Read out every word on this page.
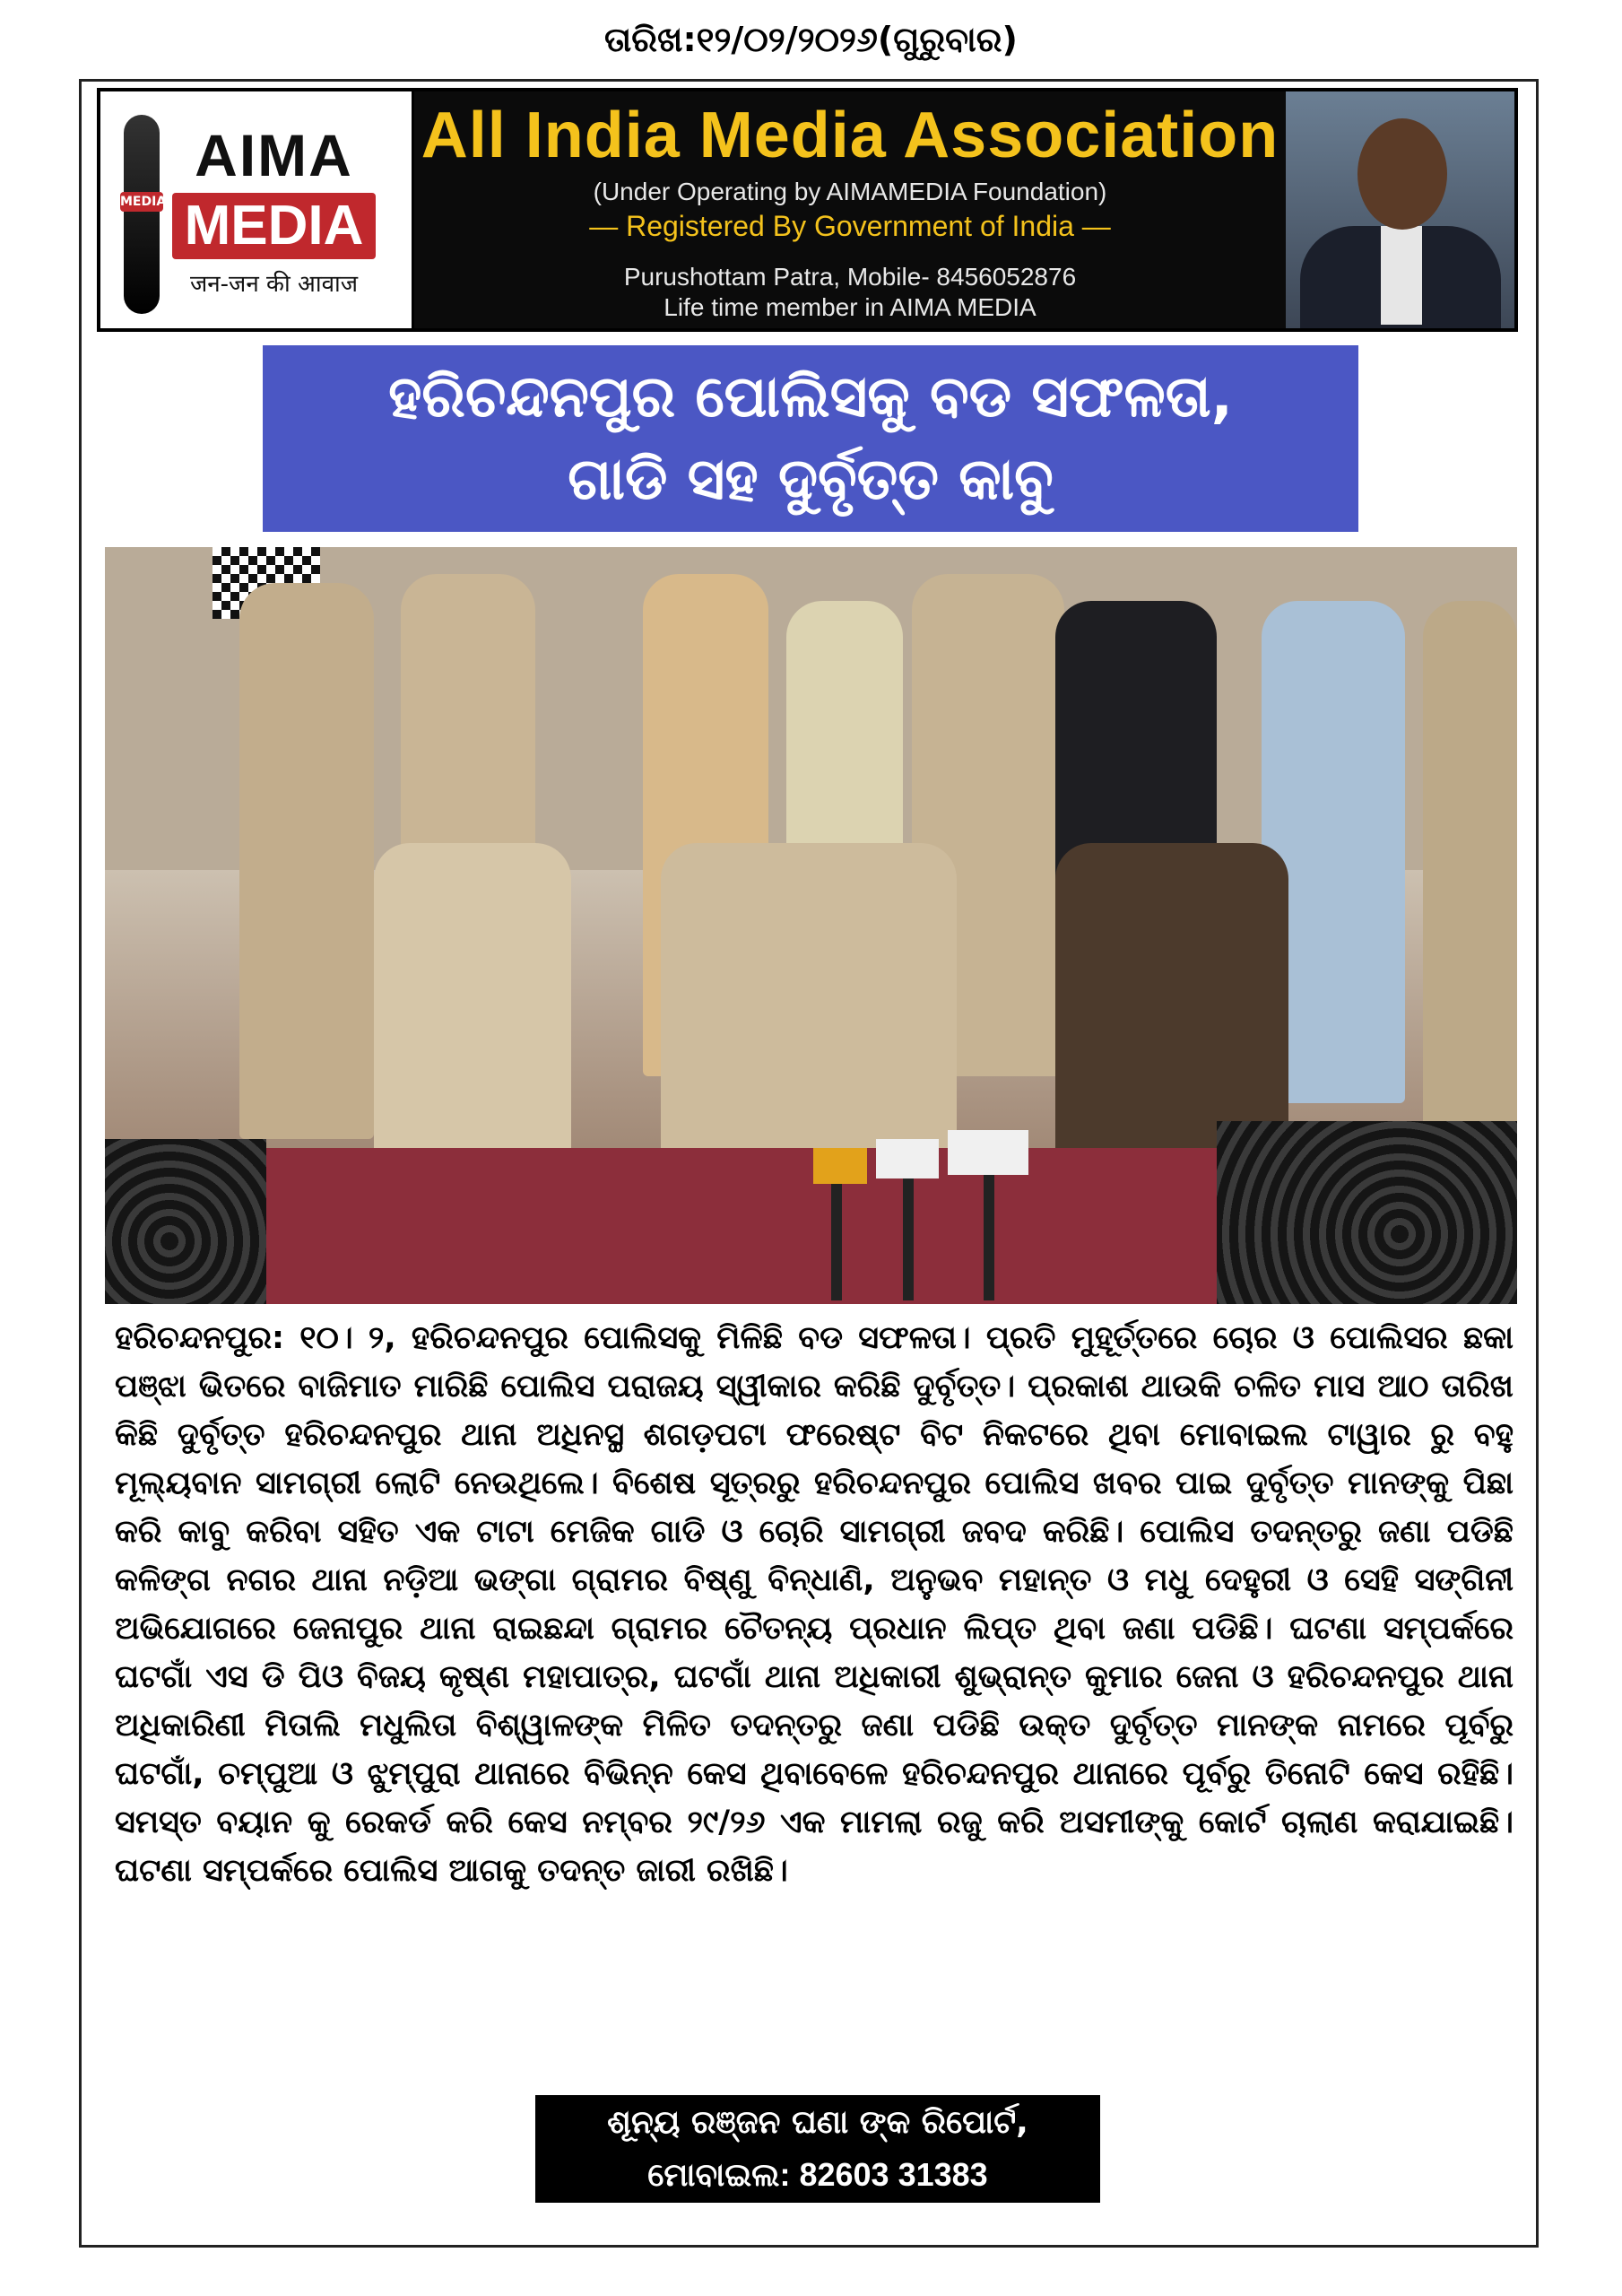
ତାରିଖ:୧୨/୦୨/୨୦୨୬(ଗୁରୁବାର)
MEDIA
AIMA
MEDIA
जन-जन की आवाज
All India Media Association
(Under Operating by AIMAMEDIA Foundation)
— Registered By Government of India —
Purushottam Patra, Mobile- 8456052876
Life time member in AIMA MEDIA
ହରିଚନ୍ଦନପୁର ପୋଲିସକୁ ବଡ ସଫଳତା,
ଗାଡି ସହ ଦୁର୍ବୃତ୍ତ କାବୁ
ହରିଚନ୍ଦନପୁର: ୧୦। ୨, ହରିଚନ୍ଦନପୁର ପୋଲିସକୁ ମିଳିଛି ବଡ ସଫଳତା। ପ୍ରତି ମୁହୂର୍ତ୍ତରେ ଚୋର ଓ ପୋଲିସର ଛକା ପଞ୍ଝା ଭିତରେ ବାଜିମାତ ମାରିଛି ପୋଲିସ ପରାଜୟ ସ୍ୱୀକାର କରିଛି ଦୁର୍ବୃତ୍ତ। ପ୍ରକାଶ ଥାଉକି ଚଳିତ ମାସ ଆଠ ତାରିଖ କିଛି ଦୁର୍ବୃତ୍ତ ହରିଚନ୍ଦନପୁର ଥାନା ଅଧିନସ୍ଥ ଶଗଡ଼ପଟା ଫରେଷ୍ଟ ବିଟ ନିକଟରେ ଥିବା ମୋବାଇଲ ଟାୱାର ରୁ ବହୁ ମୂଲ୍ୟବାନ ସାମଗ୍ରୀ ଲୋଟି ନେଉଥିଲେ। ବିଶେଷ ସୂତ୍ରରୁ ହରିଚନ୍ଦନପୁର ପୋଲିସ ଖବର ପାଇ ଦୁର୍ବୃତ୍ତ ମାନଙ୍କୁ ପିଛା କରି କାବୁ କରିବା ସହିତ ଏକ ଟାଟା ମେଜିକ ଗାଡି ଓ ଚୋରି ସାମଗ୍ରୀ ଜବଦ କରିଛି। ପୋଲିସ ତଦନ୍ତରୁ ଜଣା ପଡିଛି କଳିଙ୍ଗ ନଗର ଥାନା ନଡ଼ିଆ ଭଙ୍ଗା ଗ୍ରାମର ବିଷ୍ଣୁ ବିନ୍ଧାଣି, ଅନୁଭବ ମହାନ୍ତ ଓ ମଧୁ ଦେହୁରୀ ଓ ସେହି ସଙ୍ଗିନୀ ଅଭିଯୋଗରେ ଜେନାପୁର ଥାନା ରାଇଛନ୍ଦା ଗ୍ରାମର ଚୈତନ୍ୟ ପ୍ରଧାନ ଲିପ୍ତ ଥିବା ଜଣା ପଡିଛି। ଘଟଣା ସମ୍ପର୍କରେ ଘଟଗାଁ ଏସ ଡି ପିଓ ବିଜୟ କୃଷ୍ଣ ମହାପାତ୍ର, ଘଟଗାଁ ଥାନା ଅଧିକାରୀ ଶୁଭ୍ରାନ୍ତ କୁମାର ଜେନା ଓ ହରିଚନ୍ଦନପୁର ଥାନା ଅଧିକାରିଣୀ ମିତାଲି ମଧୁଲିତା ବିଶ୍ୱାଳଙ୍କ ମିଳିତ ତଦନ୍ତରୁ ଜଣା ପଡିଛି ଉକ୍ତ ଦୁର୍ବୃତ୍ତ ମାନଙ୍କ ନାମରେ ପୂର୍ବରୁ ଘଟଗାଁ, ଚମ୍ପୁଆ ଓ ଝୁମ୍ପୁରା ଥାନାରେ ବିଭିନ୍ନ କେସ ଥିବାବେଳେ ହରିଚନ୍ଦନପୁର ଥାନାରେ ପୂର୍ବରୁ ତିନୋଟି କେସ ରହିଛି। ସମସ୍ତ ବୟାନ କୁ ରେକର୍ଡ କରି କେସ ନମ୍ବର ୨୯/୨୬ ଏକ ମାମଲା ରଜୁ କରି ଅସମୀଙ୍କୁ କୋର୍ଟ ଚାଲାଣ କରାଯାଇଛି। ଘଟଣା ସମ୍ପର୍କରେ ପୋଲିସ ଆଗକୁ ତଦନ୍ତ ଜାରୀ ରଖିଛି।
ଶୂନ୍ୟ ରଞ୍ଜନ ଘଣା ଙ୍କ ରିପୋର୍ଟ,
ମୋବାଇଲ: 82603 31383
